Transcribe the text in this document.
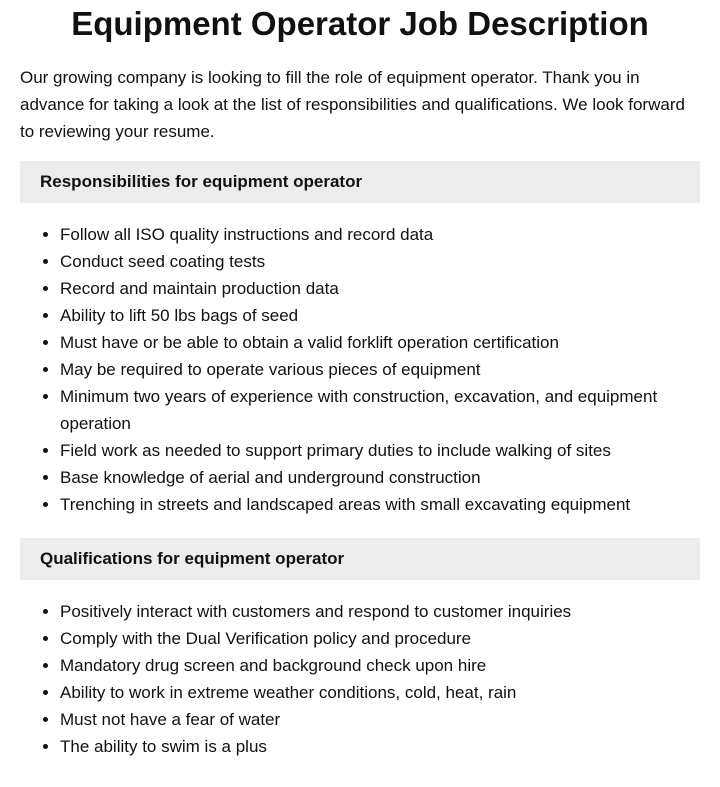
Equipment Operator Job Description

Our growing company is looking to fill the role of equipment operator. Thank you in advance for taking a look at the list of responsibilities and qualifications. We look forward to reviewing your resume.

Responsibilities for equipment operator
• Follow all ISO quality instructions and record data
• Conduct seed coating tests
• Record and maintain production data
• Ability to lift 50 lbs bags of seed
• Must have or be able to obtain a valid forklift operation certification
• May be required to operate various pieces of equipment
• Minimum two years of experience with construction, excavation, and equipment operation
• Field work as needed to support primary duties to include walking of sites
• Base knowledge of aerial and underground construction
• Trenching in streets and landscaped areas with small excavating equipment
Qualifications for equipment operator
• Positively interact with customers and respond to customer inquiries
• Comply with the Dual Verification policy and procedure
• Mandatory drug screen and background check upon hire
• Ability to work in extreme weather conditions, cold, heat, rain
• Must not have a fear of water
• The ability to swim is a plus
